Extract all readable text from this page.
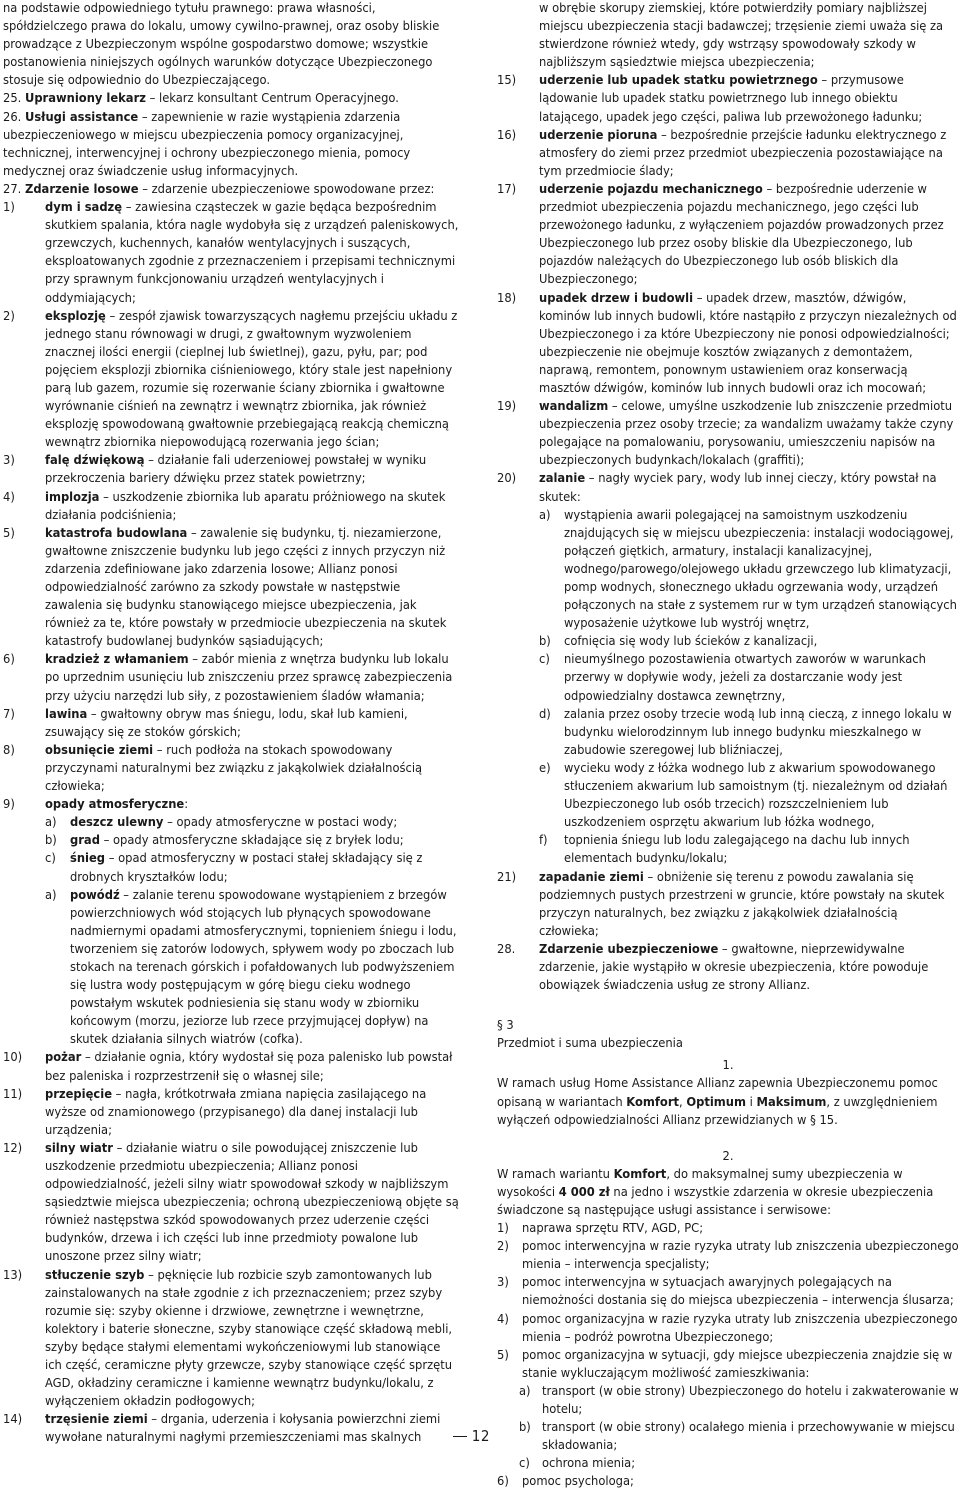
na podstawie odpowiedniego tytułu prawnego: prawa własności, spółdzielczego prawa do lokalu, umowy cywilno-prawnej, oraz osoby bliskie prowadzące z Ubezpieczonym wspólne gospodarstwo domowe; wszystkie postanowienia niniejszych ogólnych warunków dotyczące Ubezpieczonego stosuje się odpowiednio do Ubezpieczającego.

25. Uprawniony lekarz – lekarz konsultant Centrum Operacyjnego.

26. Usługi assistance – zapewnienie w razie wystąpienia zdarzenia ubezpieczeniowego w miejscu ubezpieczenia pomocy organizacyjnej, technicznej, interwencyjnej i ochrony ubezpieczonego mienia, pomocy medycznej oraz świadczenie usług informacyjnych.

27. Zdarzenie losowe – zdarzenie ubezpieczeniowe spowodowane przez:

1) dym i sadzę – zawiesina cząsteczek w gazie będąca bezpośrednim skutkiem spalania, która nagle wydobyła się z urządzeń paleniskowych, grzewczych, kuchennych, kanałów wentylacyjnych i suszących, eksploatowanych zgodnie z przeznaczeniem i przepisami technicznymi przy sprawnym funkcjonowaniu urządzeń wentylacyjnych i oddymiających;
2) eksplozję – zespół zjawisk towarzyszących nagłemu przejściu układu z jednego stanu równowagi w drugi, z gwałtownym wyzwoleniem znacznej ilości energii (cieplnej lub świetlnej), gazu, pyłu, par; pod pojęciem eksplozji zbiornika ciśnieniowego, który stale jest napełniony parą lub gazem, rozumie się rozerwanie ściany zbiornika i gwałtowne wyrównanie ciśnień na zewnątrz i wewnątrz zbiornika, jak również eksplozję spowodowaną gwałtownie przebiegającą reakcją chemiczną wewnątrz zbiornika niepowodującą rozerwania jego ścian;
3) falę dźwiękową – działanie fali uderzeniowej powstałej w wyniku przekroczenia bariery dźwięku przez statek powietrzny;
4) implozja – uszkodzenie zbiornika lub aparatu próżniowego na skutek działania podciśnienia;
5) katastrofa budowlana – zawalenie się budynku, tj. niezamierzone, gwałtowne zniszczenie budynku lub jego części z innych przyczyn niż zdarzenia zdefiniowane jako zdarzenia losowe; Allianz ponosi odpowiedzialność zarówno za szkody powstałe w następstwie zawalenia się budynku stanowiącego miejsce ubezpieczenia, jak również za te, które powstały w przedmiocie ubezpieczenia na skutek katastrofy budowlanej budynków sąsiadujących;
6) kradzież z włamaniem – zabór mienia z wnętrza budynku lub lokalu po uprzednim usunięciu lub zniszczeniu przez sprawcę zabezpieczenia przy użyciu narzędzi lub siły, z pozostawieniem śladów włamania;
7) lawina – gwałtowny obryw mas śniegu, lodu, skał lub kamieni, zsuwający się ze stoków górskich;
8) obsunięcie ziemi – ruch podłoża na stokach spowodowany przyczynami naturalnymi bez związku z jakąkolwiek działalnością człowieka;
9) opady atmosferyczne:
a) deszcz ulewny – opady atmosferyczne w postaci wody;
b) grad – opady atmosferyczne składające się z bryłek lodu;
c) śnieg – opad atmosferyczny w postaci stałej składający się z drobnych kryształków lodu;
a) powódź – zalanie terenu spowodowane wystąpieniem z brzegów powierzchniowych wód stojących lub płynących spowodowane nadmiernymi opadami atmosferycznymi, topnieniem śniegu i lodu, tworzeniem się zatorów lodowych, spływem wody po zboczach lub stokach na terenach górskich i pofałdowanych lub podwyższeniem się lustra wody postępującym w górę biegu cieku wodnego powstałym wskutek podniesienia się stanu wody w zbiorniku końcowym (morzu, jeziorze lub rzece przyjmującej dopływ) na skutek działania silnych wiatrów (cofka).
10) pożar – działanie ognia, który wydostał się poza palenisko lub powstał bez paleniska i rozprzestrzenił się o własnej sile;
11) przepięcie – nagła, krótkotrwała zmiana napięcia zasilającego na wyższe od znamionowego (przypisanego) dla danej instalacji lub urządzenia;
12) silny wiatr – działanie wiatru o sile powodującej zniszczenie lub uszkodzenie przedmiotu ubezpieczenia; Allianz ponosi odpowiedzialność, jeżeli silny wiatr spowodował szkody w najbliższym sąsiedztwie miejsca ubezpieczenia; ochroną ubezpieczeniową objęte są również następstwa szkód spowodowanych przez uderzenie części budynków, drzewa i ich części lub inne przedmioty powalone lub unoszone przez silny wiatr;
13) stłuczenie szyb – pęknięcie lub rozbicie szyb zamontowanych lub zainstalowanych na stałe zgodnie z ich przeznaczeniem; przez szyby rozumie się: szyby okienne i drzwiowe, zewnętrzne i wewnętrzne, kolektory i baterie słoneczne, szyby stanowiące część składową mebli, szyby będące stałymi elementami wykończeniowymi lub stanowiące ich część, ceramiczne płyty grzewcze, szyby stanowiące część sprzętu AGD, okładziny ceramiczne i kamienne wewnątrz budynku/lokalu, z wyłączeniem okładzin podłogowych;
14) trzęsienie ziemi – drgania, uderzenia i kołysania powierzchni ziemi wywołane naturalnymi nagłymi przemieszczeniami mas skalnych

w obrębie skorupy ziemskiej, które potwierdziły pomiary najbliższej miejscu ubezpieczenia stacji badawczej; trzęsienie ziemi uważa się za stwierdzone również wtedy, gdy wstrząsy spowodowały szkody w najbliższym sąsiedztwie miejsca ubezpieczenia;

15) uderzenie lub upadek statku powietrznego – przymusowe lądowanie lub upadek statku powietrznego lub innego obiektu latającego, upadek jego części, paliwa lub przewożonego ładunku;
16) uderzenie pioruna – bezpośrednie przejście ładunku elektrycznego z atmosfery do ziemi przez przedmiot ubezpieczenia pozostawiające na tym przedmiocie ślady;
17) uderzenie pojazdu mechanicznego – bezpośrednie uderzenie w przedmiot ubezpieczenia pojazdu mechanicznego, jego części lub przewożonego ładunku, z wyłączeniem pojazdów prowadzonych przez Ubezpieczonego lub przez osoby bliskie dla Ubezpieczonego, lub pojazdów należących do Ubezpieczonego lub osób bliskich dla Ubezpieczonego;
18) upadek drzew i budowli – upadek drzew, masztów, dźwigów, kominów lub innych budowli, które nastąpiło z przyczyn niezależnych od Ubezpieczonego i za które Ubezpieczony nie ponosi odpowiedzialności; ubezpieczenie nie obejmuje kosztów związanych z demontażem, naprawą, remontem, ponownym ustawieniem oraz konserwacją masztów dźwigów, kominów lub innych budowli oraz ich mocowań;
19) wandalizm – celowe, umyślne uszkodzenie lub zniszczenie przedmiotu ubezpieczenia przez osoby trzecie; za wandalizm uważamy także czyny polegające na pomalowaniu, porysowaniu, umieszczeniu napisów na ubezpieczonych budynkach/lokalach (graffiti);
20) zalanie – nagły wyciek pary, wody lub innej cieczy, który powstał na skutek:
a) wystąpienia awarii polegającej na samoistnym uszkodzeniu znajdujących się w miejscu ubezpieczenia: instalacji wodociągowej, połączeń giętkich, armatury, instalacji kanalizacyjnej, wodnego/parowego/olejowego układu grzewczego lub klimatyzacji, pomp wodnych, słonecznego układu ogrzewania wody, urządzeń połączonych na stałe z systemem rur w tym urządzeń stanowiących wyposażenie użytkowe lub wystrój wnętrz,
b) cofnięcia się wody lub ścieków z kanalizacji,
c) nieumyślnego pozostawienia otwartych zaworów w warunkach przerwy w dopływie wody, jeżeli za dostarczanie wody jest odpowiedzialny dostawca zewnętrzny,
d) zalania przez osoby trzecie wodą lub inną cieczą, z innego lokalu w budynku wielorodzinnym lub innego budynku mieszkalnego w zabudowie szeregowej lub bliźniaczej,
e) wycieku wody z łóżka wodnego lub z akwarium spowodowanego stłuczeniem akwarium lub samoistnym (tj. niezależnym od działań Ubezpieczonego lub osób trzecich) rozszczelnieniem lub uszkodzeniem osprzętu akwarium lub łóżka wodnego,
f) topnienia śniegu lub lodu zalegającego na dachu lub innych elementach budynku/lokalu;
21) zapadanie ziemi – obniżenie się terenu z powodu zawalania się podziemnych pustych przestrzeni w gruncie, które powstały na skutek przyczyn naturalnych, bez związku z jakąkolwiek działalnością człowieka;
28. Zdarzenie ubezpieczeniowe – gwałtowne, nieprzewidywalne zdarzenie, jakie wystąpiło w okresie ubezpieczenia, które powoduje obowiązek świadczenia usług ze strony Allianz.

§ 3

Przedmiot i suma ubezpieczenia

1.

W ramach usług Home Assistance Allianz zapewnia Ubezpieczonemu pomoc opisaną w wariantach Komfort, Optimum i Maksimum, z uwzględnieniem wyłączeń odpowiedzialności Allianz przewidzianych w § 15.

2.

W ramach wariantu Komfort, do maksymalnej sumy ubezpieczenia w wysokości 4 000 zł na jedno i wszystkie zdarzenia w okresie ubezpieczenia świadczone są następujące usługi assistance i serwisowe:

1) naprawa sprzętu RTV, AGD, PC;
2) pomoc interwencyjna w razie ryzyka utraty lub zniszczenia ubezpieczonego mienia – interwencja specjalisty;
3) pomoc interwencyjna w sytuacjach awaryjnych polegających na niemożności dostania się do miejsca ubezpieczenia – interwencja ślusarza;
4) pomoc organizacyjna w razie ryzyka utraty lub zniszczenia ubezpieczonego mienia – podróż powrotna Ubezpieczonego;
5) pomoc organizacyjna w sytuacji, gdy miejsce ubezpieczenia znajdzie się w stanie wykluczającym możliwość zamieszkiwania:
a) transport (w obie strony) Ubezpieczonego do hotelu i zakwaterowanie w hotelu;
b) transport (w obie strony) ocalałego mienia i przechowywanie w miejscu składowania;
c) ochrona mienia;
6) pomoc psychologa;
12
